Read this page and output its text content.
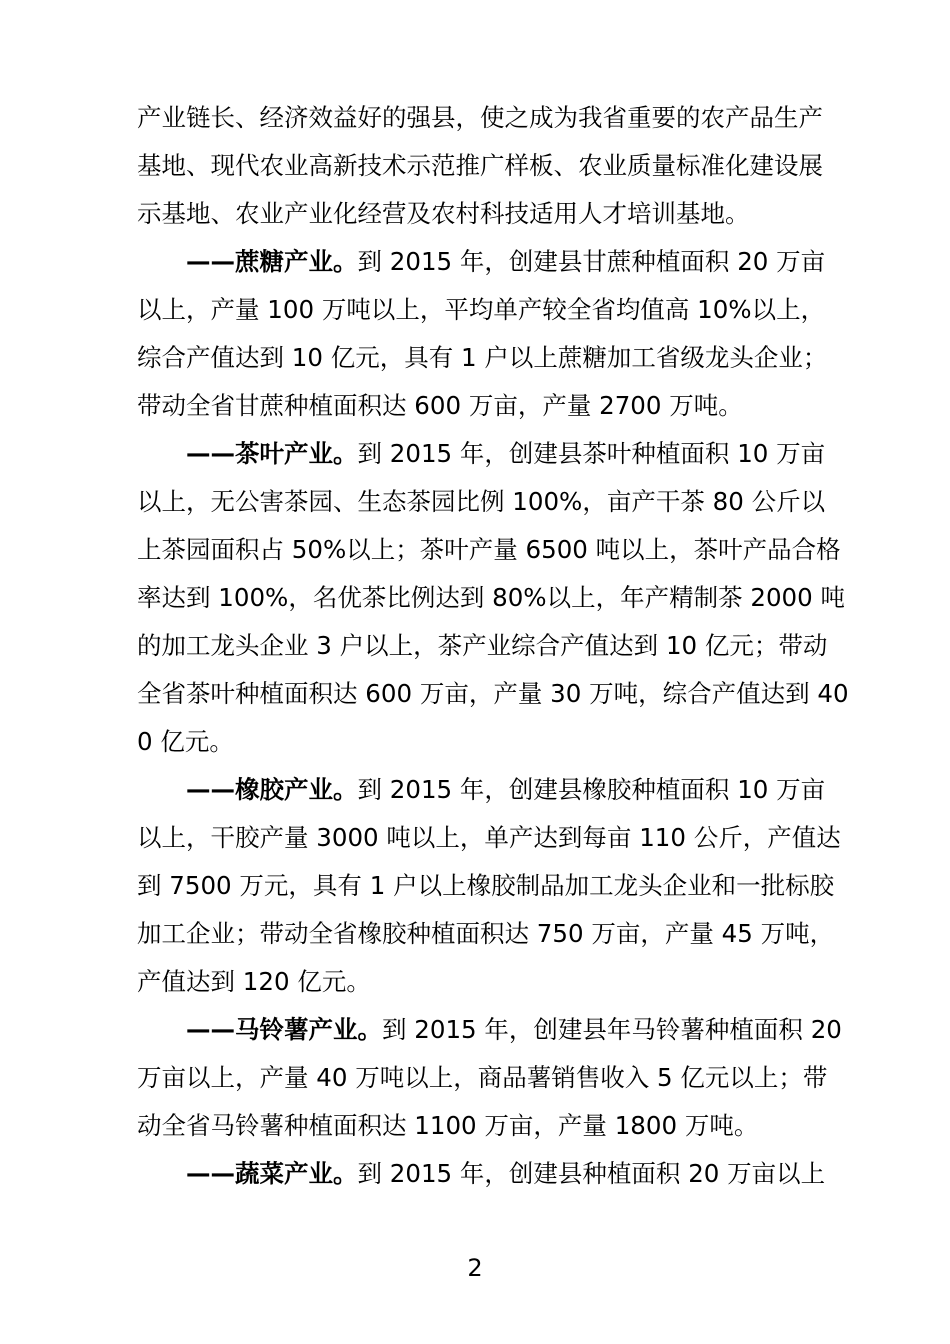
产业链长、经济效益好的强县，使之成为我省重要的农产品生产
基地、现代农业高新技术示范推广样板、农业质量标准化建设展
示基地、农业产业化经营及农村科技适用人才培训基地。
——蔗糖产业。到 2015 年，创建县甘蔗种植面积 20 万亩
以上，产量 100 万吨以上，平均单产较全省均值高 10%以上，
综合产值达到 10 亿元，具有 1 户以上蔗糖加工省级龙头企业；
带动全省甘蔗种植面积达 600 万亩，产量 2700 万吨。
——茶叶产业。到 2015 年，创建县茶叶种植面积 10 万亩
以上，无公害茶园、生态茶园比例 100%，亩产干茶 80 公斤以
上茶园面积占 50%以上；茶叶产量 6500 吨以上，茶叶产品合格
率达到 100%，名优茶比例达到 80%以上，年产精制茶 2000 吨
的加工龙头企业 3 户以上，茶产业综合产值达到 10 亿元；带动
全省茶叶种植面积达 600 万亩，产量 30 万吨，综合产值达到 40
0 亿元。
——橡胶产业。到 2015 年，创建县橡胶种植面积 10 万亩
以上，干胶产量 3000 吨以上，单产达到每亩 110 公斤，产值达
到 7500 万元，具有 1 户以上橡胶制品加工龙头企业和一批标胶
加工企业；带动全省橡胶种植面积达 750 万亩，产量 45 万吨，
产值达到 120 亿元。
——马铃薯产业。到 2015 年，创建县年马铃薯种植面积 20
万亩以上，产量 40 万吨以上，商品薯销售收入 5 亿元以上；带
动全省马铃薯种植面积达 1100 万亩，产量 1800 万吨。
——蔬菜产业。到 2015 年，创建县种植面积 20 万亩以上
2
